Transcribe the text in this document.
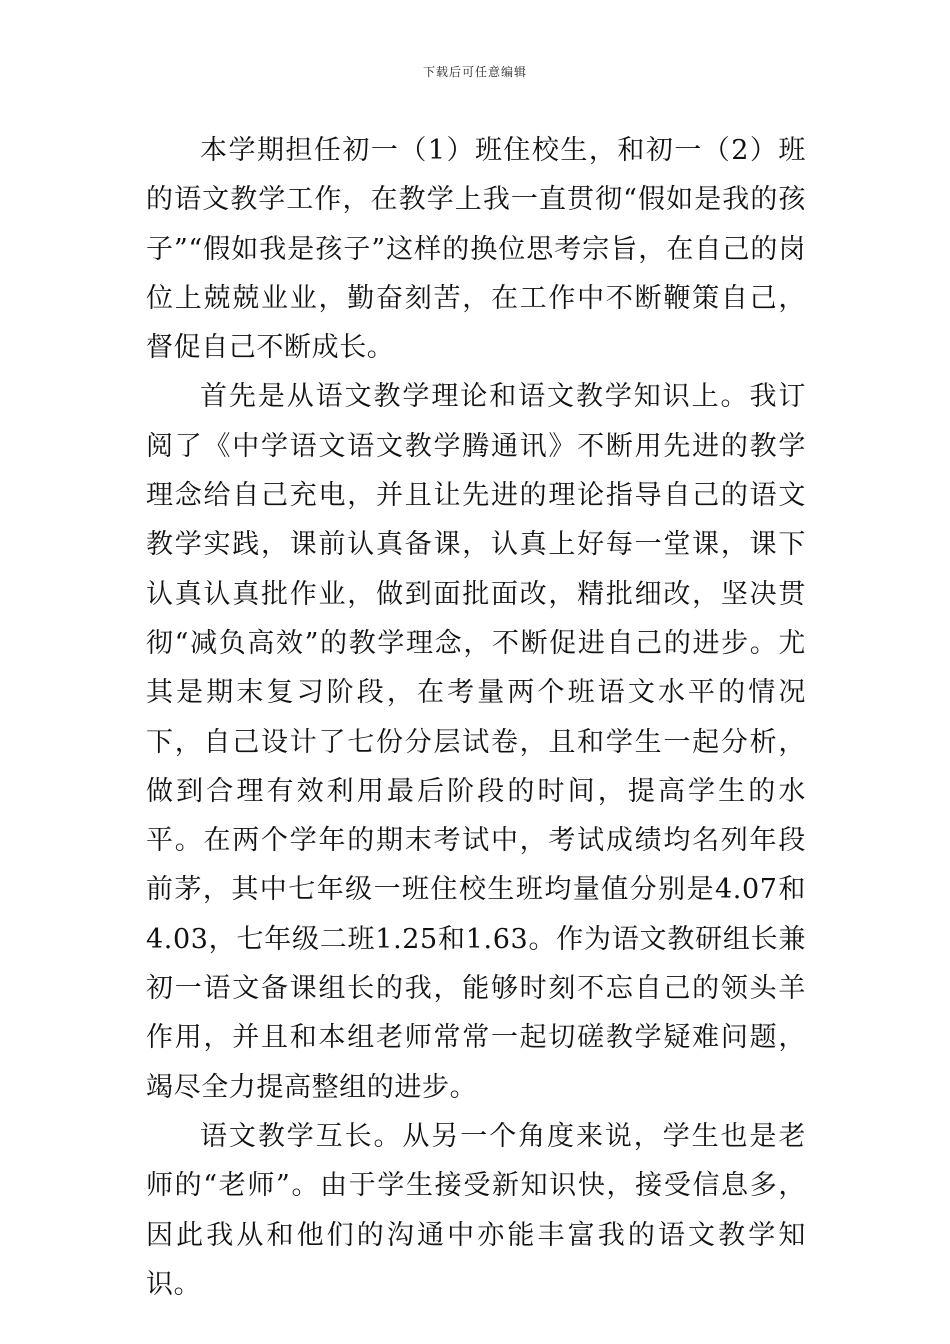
下载后可任意编辑

本学期担任初一（1）班住校生，和初一（2）班的语文教学工作，在教学上我一直贯彻“假如是我的孩子”“假如我是孩子”这样的换位思考宗旨，在自己的岗位上兢兢业业，勤奋刻苦，在工作中不断鞭策自己，督促自己不断成长。

首先是从语文教学理论和语文教学知识上。我订阅了《中学语文语文教学腾通讯》不断用先进的教学理念给自己充电，并且让先进的理论指导自己的语文教学实践，课前认真备课，认真上好每一堂课，课下认真认真批作业，做到面批面改，精批细改，坚决贯彻“减负高效”的教学理念，不断促进自己的进步。尤其是期末复习阶段，在考量两个班语文水平的情况下，自己设计了七份分层试卷，且和学生一起分析，做到合理有效利用最后阶段的时间，提高学生的水平。在两个学年的期末考试中，考试成绩均名列年段前茅，其中七年级一班住校生班均量值分别是4.07和4.03，七年级二班1.25和1.63。作为语文教研组长兼初一语文备课组长的我，能够时刻不忘自己的领头羊作用，并且和本组老师常常一起切磋教学疑难问题，竭尽全力提高整组的进步。

语文教学互长。从另一个角度来说，学生也是老师的“老师”。由于学生接受新知识快，接受信息多，因此我从和他们的沟通中亦能丰富我的语文教学知识。
